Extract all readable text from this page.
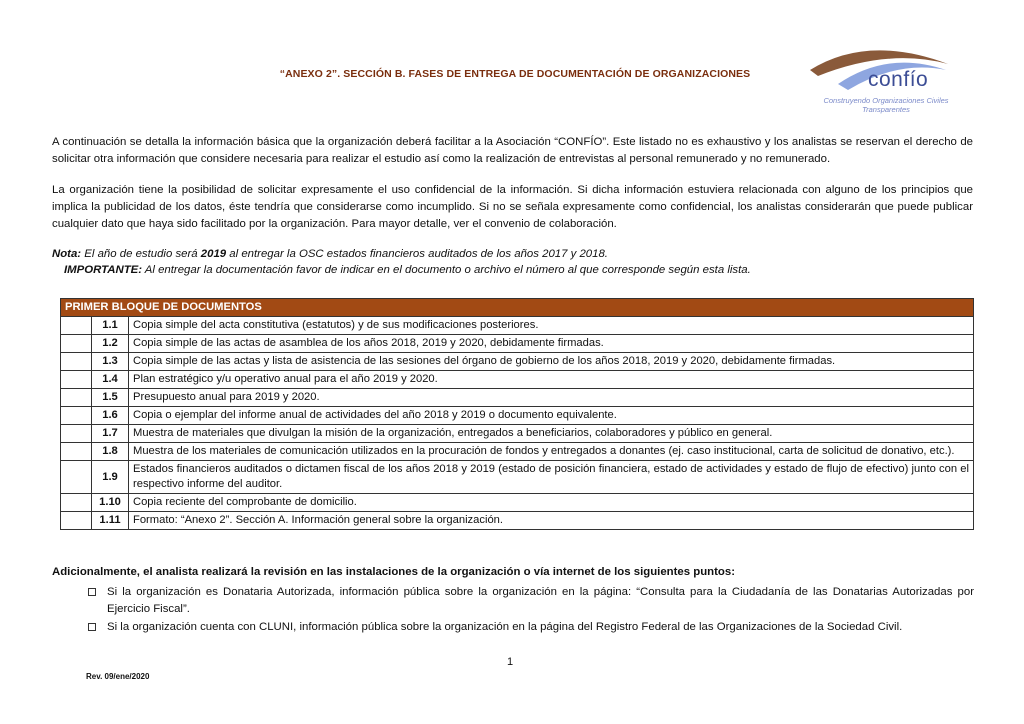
“ANEXO 2”. SECCIÓN B. FASES DE ENTREGA DE DOCUMENTACIÓN DE ORGANIZACIONES	confío
Construyendo Organizaciones Civiles Transparentes
A continuación se detalla la información básica que la organización deberá facilitar a la Asociación “CONFÍO”. Este listado no es exhaustivo y los analistas se reservan el derecho de solicitar otra información que considere necesaria para realizar el estudio así como la realización de entrevistas al personal remunerado y no remunerado.
La organización tiene la posibilidad de solicitar expresamente el uso confidencial de la información. Si dicha información estuviera relacionada con alguno de los principios que implica la publicidad de los datos, éste tendría que considerarse como incumplido. Si no se señala expresamente como confidencial, los analistas considerarán que puede publicar cualquier dato que haya sido facilitado por la organización. Para mayor detalle, ver el convenio de colaboración.
Nota: El año de estudio será 2019 al entregar la OSC estados financieros auditados de los años 2017 y 2018.
IMPORTANTE: Al entregar la documentación favor de indicar en el documento o archivo el número al que corresponde según esta lista.
PRIMER BLOQUE DE DOCUMENTOS		
	1.1	Copia simple del acta constitutiva (estatutos) y de sus modificaciones posteriores.
	1.2	Copia simple de las actas de asamblea de los años 2018, 2019 y 2020, debidamente firmadas.
	1.3	Copia simple de las actas y lista de asistencia de las sesiones del órgano de gobierno de los años 2018, 2019 y 2020, debidamente firmadas.
	1.4	Plan estratégico y/u operativo anual para el año 2019 y 2020.
	1.5	Presupuesto anual para 2019 y 2020.
	1.6	Copia o ejemplar del informe anual de actividades del año 2018 y 2019 o documento equivalente.
	1.7	Muestra de materiales que divulgan la misión de la organización, entregados a beneficiarios, colaboradores y público en general.
	1.8	Muestra de los materiales de comunicación utilizados en la procuración de fondos y entregados a donantes (ej. caso institucional, carta de solicitud de donativo, etc.).
	1.9	Estados financieros auditados o dictamen fiscal de los años 2018 y 2019 (estado de posición financiera, estado de actividades y estado de flujo de efectivo) junto con el respectivo informe del auditor.
	1.10	Copia reciente del comprobante de domicilio.
	1.11	Formato: “Anexo 2”. Sección A. Información general sobre la organización.
Adicionalmente, el analista realizará la revisión en las instalaciones de la organización o vía internet de los siguientes puntos:
Si la organización es Donataria Autorizada, información pública sobre la organización en la página: “Consulta para la Ciudadanía de las Donatarias Autorizadas por Ejercicio Fiscal”.
Si la organización cuenta con CLUNI, información pública sobre la organización en la página del Registro Federal de las Organizaciones de la Sociedad Civil.
1
Rev. 09/ene/2020
